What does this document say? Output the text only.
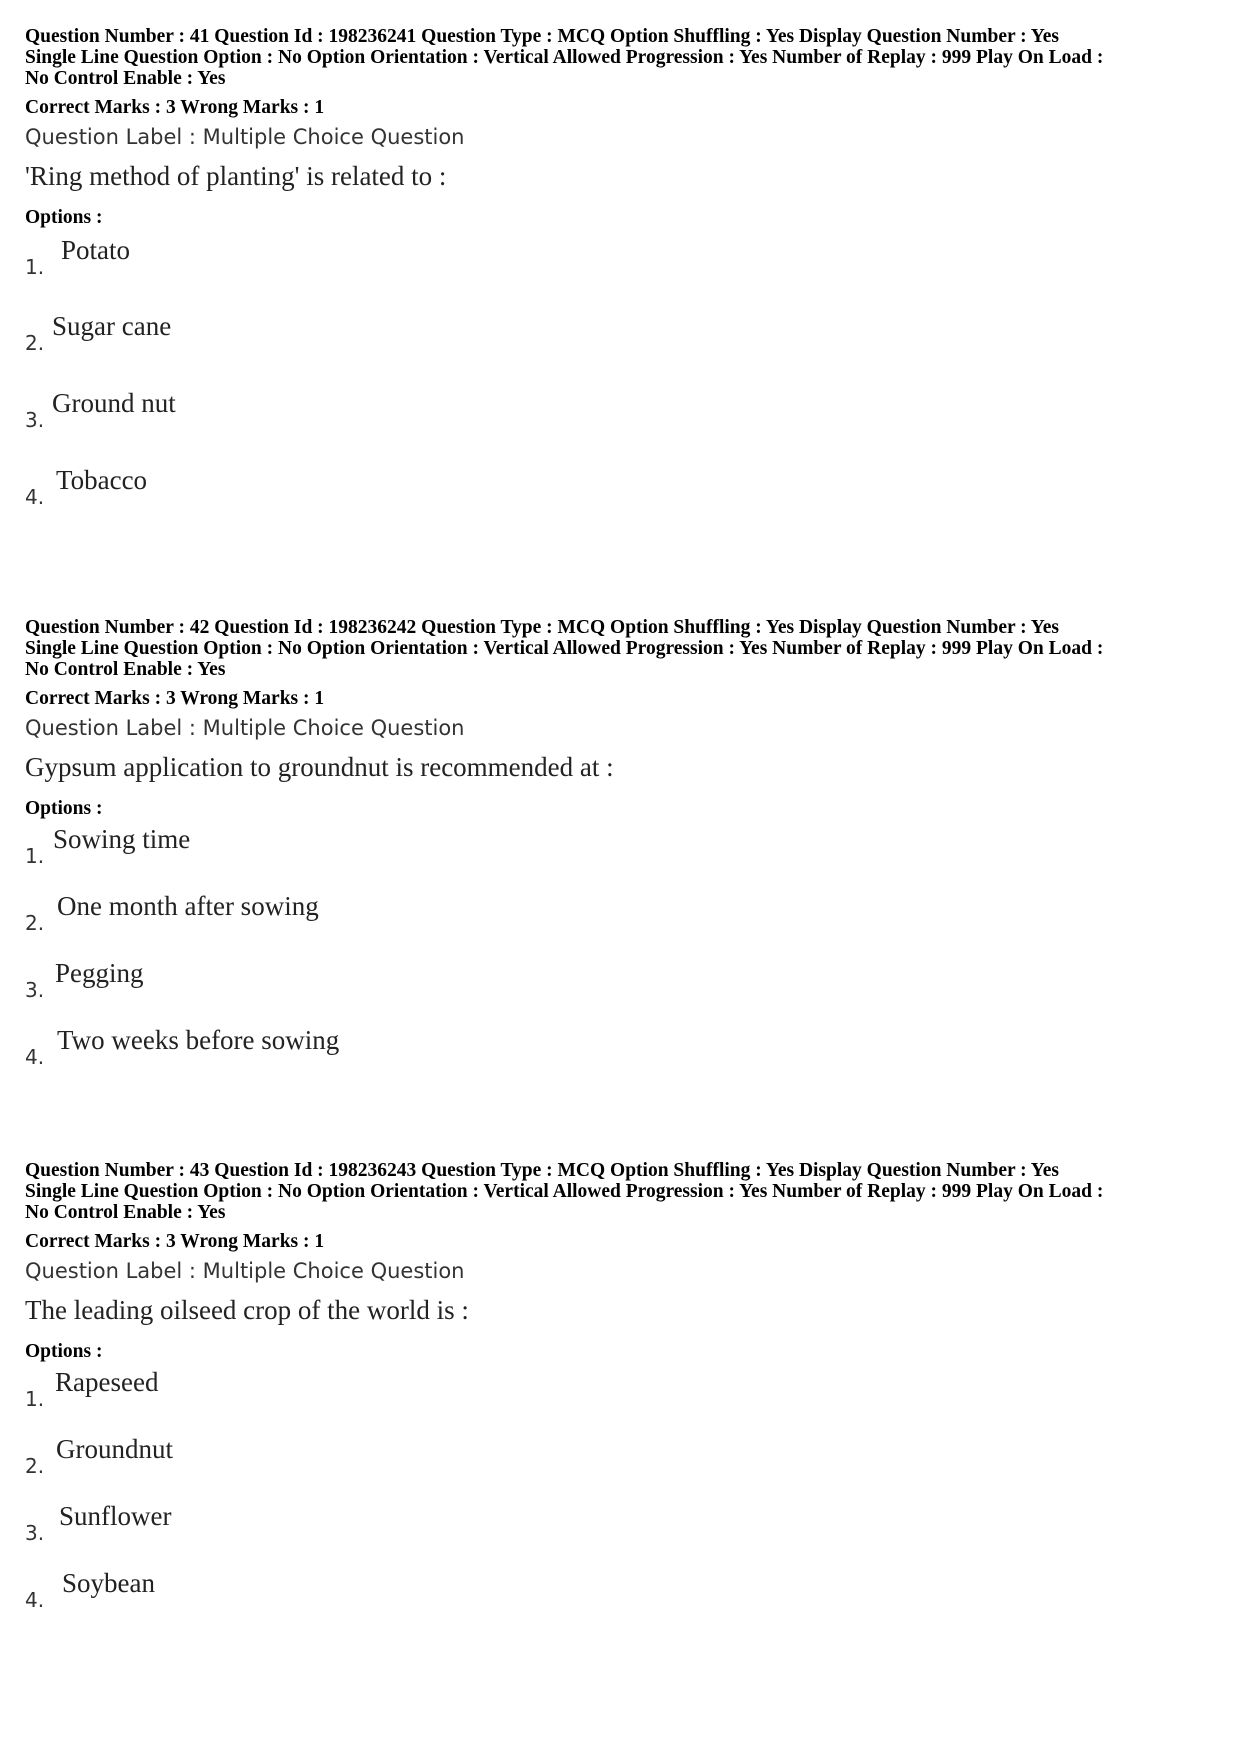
Question Number : 41 Question Id : 198236241 Question Type : MCQ Option Shuffling : Yes Display Question Number : Yes
Single Line Question Option : No Option Orientation : Vertical Allowed Progression : Yes Number of Replay : 999 Play On Load :
No Control Enable : Yes
Correct Marks : 3 Wrong Marks : 1
Question Label : Multiple Choice Question
'Ring method of planting' is related to :
Options :
1.
Potato
2.
Sugar cane
3.
Ground nut
4.
Tobacco
Question Number : 42 Question Id : 198236242 Question Type : MCQ Option Shuffling : Yes Display Question Number : Yes
Single Line Question Option : No Option Orientation : Vertical Allowed Progression : Yes Number of Replay : 999 Play On Load :
No Control Enable : Yes
Correct Marks : 3 Wrong Marks : 1
Question Label : Multiple Choice Question
Gypsum application to groundnut is recommended at :
Options :
1.
Sowing time
2.
One month after sowing
3.
Pegging
4.
Two weeks before sowing
Question Number : 43 Question Id : 198236243 Question Type : MCQ Option Shuffling : Yes Display Question Number : Yes
Single Line Question Option : No Option Orientation : Vertical Allowed Progression : Yes Number of Replay : 999 Play On Load :
No Control Enable : Yes
Correct Marks : 3 Wrong Marks : 1
Question Label : Multiple Choice Question
The leading oilseed crop of the world is :
Options :
1.
Rapeseed
2.
Groundnut
3.
Sunflower
4.
Soybean
